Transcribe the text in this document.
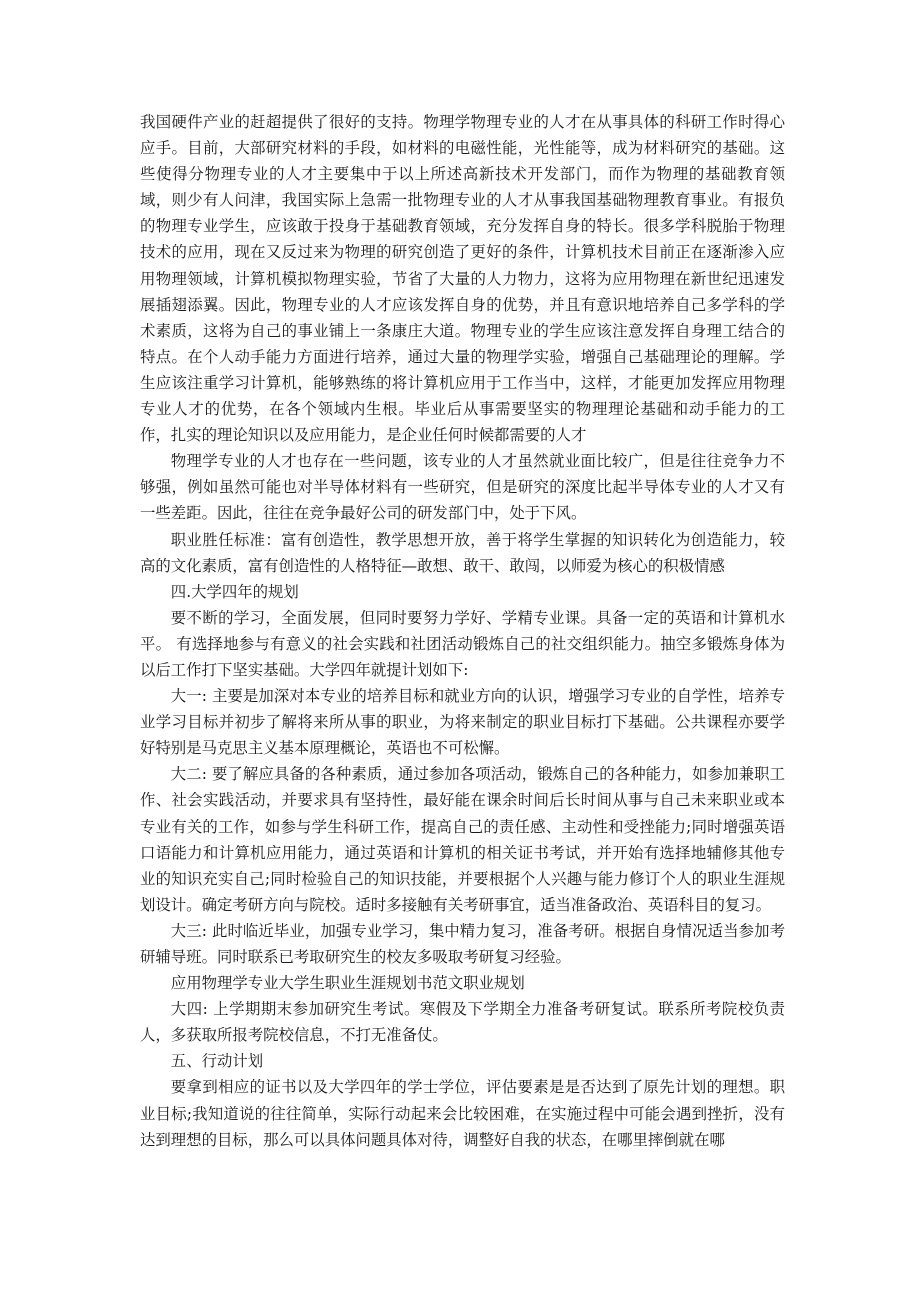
我国硬件产业的赶超提供了很好的支持。物理学物理专业的人才在从事具体的科研工作时得心应手。目前，大部研究材料的手段，如材料的电磁性能，光性能等，成为材料研究的基础。这些使得分物理专业的人才主要集中于以上所述高新技术开发部门，而作为物理的基础教育领域，则少有人问津，我国实际上急需一批物理专业的人才从事我国基础物理教育事业。有报负的物理专业学生，应该敢于投身于基础教育领域，充分发挥自身的特长。很多学科脱胎于物理技术的应用，现在又反过来为物理的研究创造了更好的条件，计算机技术目前正在逐渐渗入应用物理领域，计算机模拟物理实验，节省了大量的人力物力，这将为应用物理在新世纪迅速发展插翅添翼。因此，物理专业的人才应该发挥自身的优势，并且有意识地培养自己多学科的学术素质，这将为自己的事业铺上一条康庄大道。物理专业的学生应该注意发挥自身理工结合的特点。在个人动手能力方面进行培养，通过大量的物理学实验，增强自己基础理论的理解。学生应该注重学习计算机，能够熟练的将计算机应用于工作当中，这样，才能更加发挥应用物理专业人才的优势，在各个领域内生根。毕业后从事需要坚实的物理理论基础和动手能力的工作，扎实的理论知识以及应用能力，是企业任何时候都需要的人才

物理学专业的人才也存在一些问题，该专业的人才虽然就业面比较广，但是往往竞争力不够强，例如虽然可能也对半导体材料有一些研究，但是研究的深度比起半导体专业的人才又有一些差距。因此，往往在竞争最好公司的研发部门中，处于下风。

职业胜任标准：富有创造性，教学思想开放，善于将学生掌握的知识转化为创造能力，较高的文化素质，富有创造性的人格特征—敢想、敢干、敢闯，以师爱为核心的积极情感

四.大学四年的规划

要不断的学习，全面发展，但同时要努力学好、学精专业课。具备一定的英语和计算机水平。 有选择地参与有意义的社会实践和社团活动锻炼自己的社交组织能力。抽空多锻炼身体为以后工作打下坚实基础。大学四年就提计划如下:

大一: 主要是加深对本专业的培养目标和就业方向的认识，增强学习专业的自学性，培养专业学习目标并初步了解将来所从事的职业，为将来制定的职业目标打下基础。公共课程亦要学好特别是马克思主义基本原理概论，英语也不可松懈。

大二: 要了解应具备的各种素质，通过参加各项活动，锻炼自己的各种能力，如参加兼职工作、社会实践活动，并要求具有坚持性，最好能在课余时间后长时间从事与自己未来职业或本专业有关的工作，如参与学生科研工作，提高自己的责任感、主动性和受挫能力;同时增强英语口语能力和计算机应用能力，通过英语和计算机的相关证书考试，并开始有选择地辅修其他专业的知识充实自己;同时检验自己的知识技能，并要根据个人兴趣与能力修订个人的职业生涯规划设计。确定考研方向与院校。适时多接触有关考研事宜，适当准备政治、英语科目的复习。

大三: 此时临近毕业，加强专业学习，集中精力复习，准备考研。根据自身情况适当参加考研辅导班。同时联系已考取研究生的校友多吸取考研复习经验。

应用物理学专业大学生职业生涯规划书范文职业规划

大四: 上学期期末参加研究生考试。寒假及下学期全力准备考研复试。联系所考院校负责人，多获取所报考院校信息，不打无准备仗。

五、行动计划

要拿到相应的证书以及大学四年的学士学位，评估要素是是否达到了原先计划的理想。职业目标;我知道说的往往简单，实际行动起来会比较困难，在实施过程中可能会遇到挫折，没有达到理想的目标，那么可以具体问题具体对待，调整好自我的状态，在哪里摔倒就在哪
